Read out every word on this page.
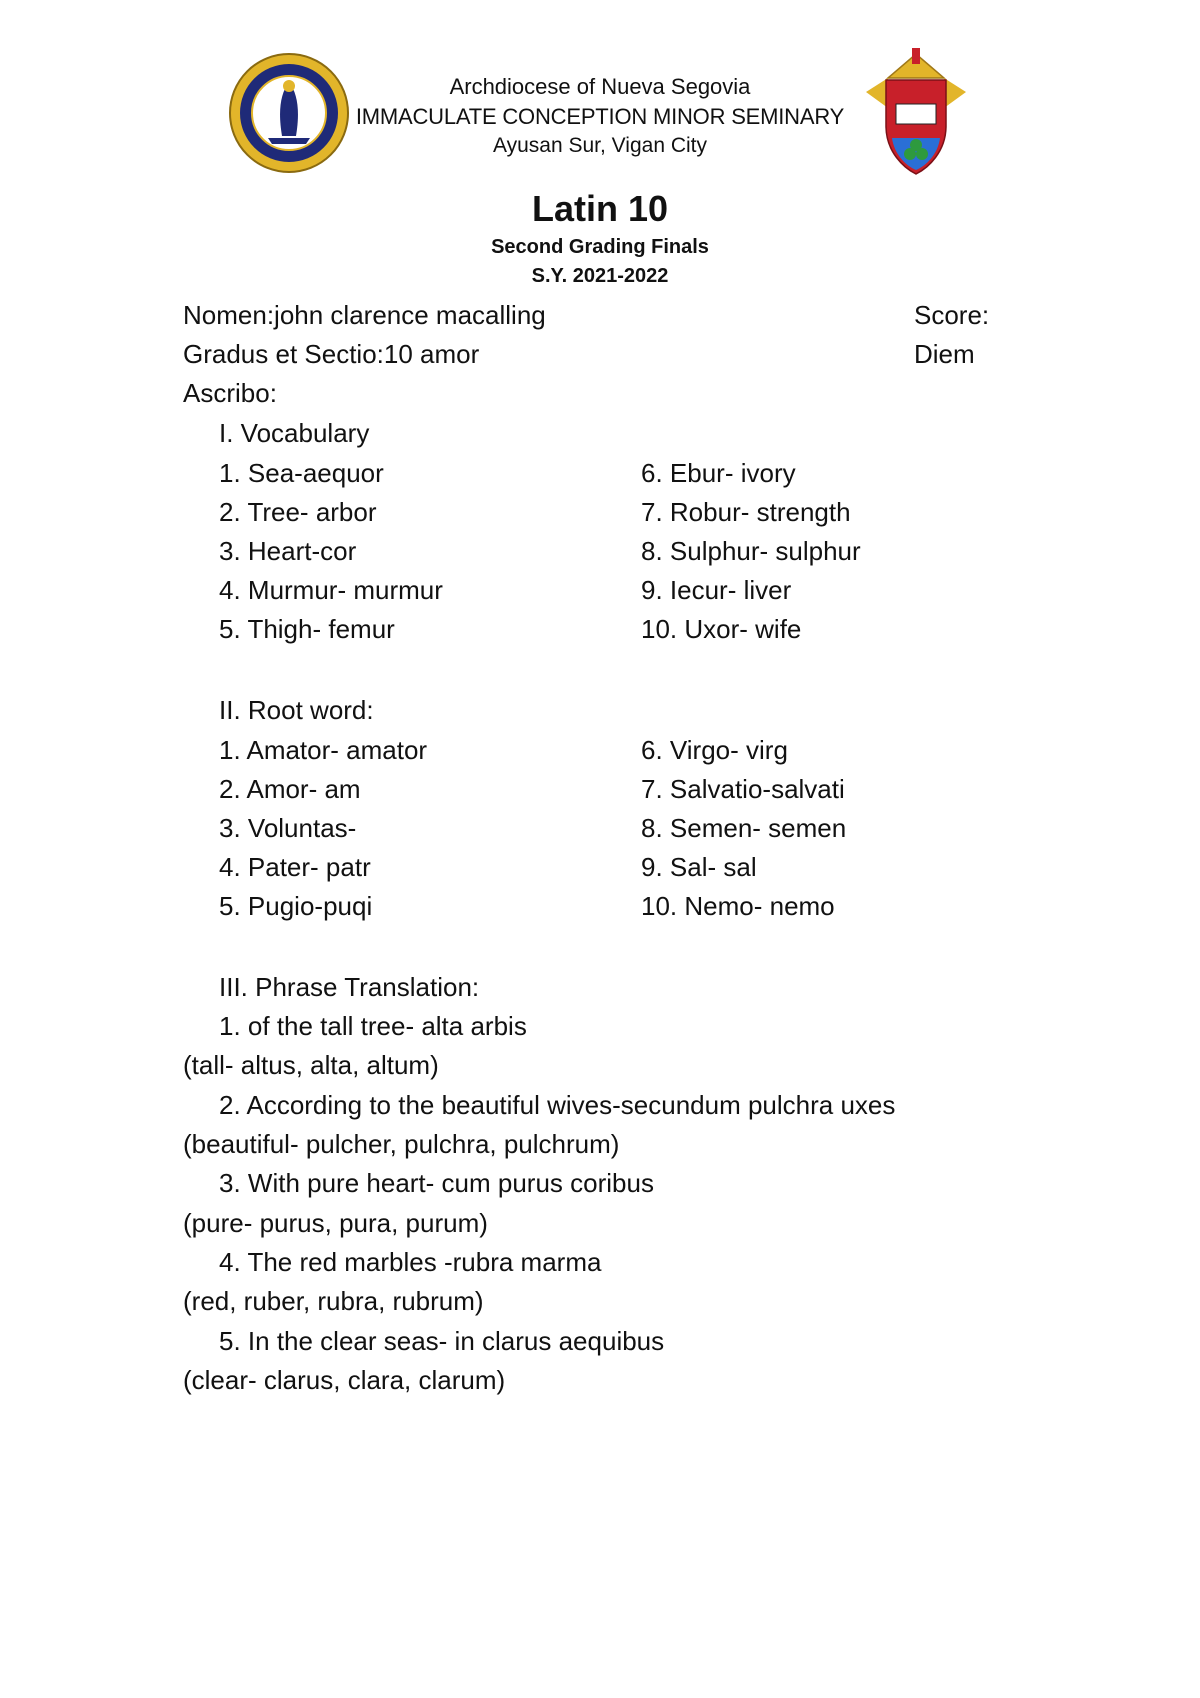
Archdiocese of Nueva Segovia
IMMACULATE CONCEPTION MINOR SEMINARY
Ayusan Sur, Vigan City
Latin 10
Second Grading Finals
S.Y. 2021-2022
Nomen:john clarence macalling	Score:
Gradus et Sectio:10 amor	Diem
Ascribo:
I. Vocabulary
1. Sea-aequor
2. Tree- arbor
3. Heart-cor
4. Murmur- murmur
5. Thigh- femur
6. Ebur- ivory
7. Robur- strength
8. Sulphur- sulphur
9. Iecur- liver
10. Uxor- wife
II. Root word:
1. Amator- amator
2. Amor- am
3. Voluntas-
4. Pater- patr
5. Pugio-puqi
6. Virgo- virg
7. Salvatio-salvati
8. Semen- semen
9. Sal- sal
10. Nemo- nemo
III. Phrase Translation:
1. of the tall tree- alta arbis
(tall- altus, alta, altum)
2. According to the beautiful wives-secundum pulchra uxes
(beautiful- pulcher, pulchra, pulchrum)
3. With pure heart- cum purus coribus
(pure- purus, pura, purum)
4. The red marbles -rubra marma
(red, ruber, rubra, rubrum)
5. In the clear seas- in clarus aequibus
(clear- clarus, clara, clarum)
